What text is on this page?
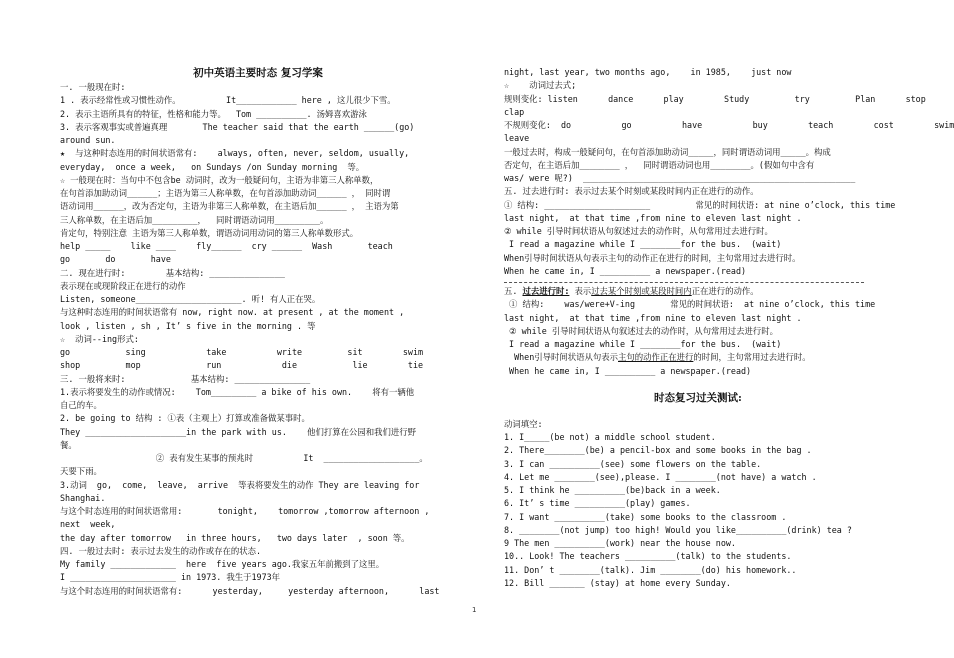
初中英语主要时态 复习学案
一. 一般现在时:
1 . 表示经常性或习惯性动作。         It____________ here , 这儿很少下雪。
2. 表示主语所具有的特征，性格和能力等。  Tom __________. 汤姆喜欢游泳
3. 表示客观事实或普遍真理       The teacher said that the earth ______(go)
around sun.
★  与这种时态连用的时间状语常有:    always, often, never, seldom, usually,
everyday,  once a week,   on Sundays /on Sunday morning  等。
☆ 一般现在时：当句中不包含be 动词时，改为一般疑问句，主语为非第三人称单数，
在句首添加助动词______；主语为第三人称单数，在句首添加助动词______ ， 同时谓
语动词用______，改为否定句，主语为非第三人称单数，在主语后加______ ， 主语为第
三人称单数，在主语后加_________，  同时谓语动词用_________。
肯定句，特别注意 主语为第三人称单数，谓语动词用动词的第三人称单数形式。
help _____    like ____    fly______  cry ______  Wash       teach
go       do       have
二. 现在进行时:        基本结构: _______________
表示现在或现阶段正在进行的动作
Listen, someone_____________________. 听! 有人正在哭。
与这种时态连用的时间状语常有 now, right now. at present , at the moment ,
look , listen , sh , It’ s five in the morning . 等
☆  动词--ing形式:
go           sing            take          write         sit        swim
shop         mop             run            die           lie        tie
三. 一般将来时:             基本结构: _______________
1.表示将要发生的动作或情况:    Tom_________ a bike of his own.    将有一辆他
自己的车。
2. be going to 结构 : ①表（主观上）打算或准备做某事时。
They ____________________in the park with us.    他们打算在公园和我们进行野
餐。
② 表有发生某事的预兆时          It  ___________________。
天要下雨。
3.动词  go,  come,  leave,  arrive  等表将要发生的动作 They are leaving for
Shanghai.
与这个时态连用的时间状语常用:       tonight,    tomorrow ,tomorrow afternoon ,
next  week,
the day after tomorrow   in three hours,   two days later  , soon 等。
四. 一般过去时: 表示过去发生的动作或存在的状态.
My family _____________  here  five years ago.我家五年前搬到了这里。
I _____________________ in 1973. 我生于1973年
与这个时态连用的时间状语常有:      yesterday,     yesterday afternoon,      last
night, last year, two months ago,    in 1985,    just now
☆    动词过去式;
规则变化: listen      dance      play        Study         try         Plan      stop
clap
不规则变化:  do          go          have          buy        teach        cost        swim
leave
一般过去时，构成一般疑问句，在句首添加助动词_____，同时谓语动词用_____。构成
否定句，在主语后加________ ，  同时谓语动词也用________。(假如句中含有
was/ were 呢?)  ______________________________________________________
五. 过去进行时: 表示过去某个时刻或某段时间内正在进行的动作。
① 结构: _____________________         常见的时间状语: at nine o’clock, this time
last night,  at that time ,from nine to eleven last night .
② while 引导时间状语从句叙述过去的动作时，从句常用过去进行时。
I read a magazine while I ________for the bus.  (wait)
When引导时间状语从句表示主句的动作正在进行的时间，主句常用过去进行时。
When he came in, I __________ a newspaper.(read)
五. 过去进行时: 表示过去某个时刻或某段时间内正在进行的动作。
① 结构:    was/were+V-ing       常见的时间状语:  at nine o’clock, this time
last night,  at that time ,from nine to eleven last night .
② while 引导时间状语从句叙述过去的动作时，从句常用过去进行时。
I read a magazine while I ________for the bus.  (wait)
When引导时间状语从句表示主句的动作正在进行的时间，主句常用过去进行时。
When he came in, I __________ a newspaper.(read)
时态复习过关测试:
动词填空:
1. I_____(be not) a middle school student.
2. There________(be) a pencil-box and some books in the bag .
3. I can __________(see) some flowers on the table.
4. Let me ________(see),please. I ________(not have) a watch .
5. I think he __________(be)back in a week.
6. It’ s time __________(play) games.
7. I want __________(take) some books to the classroom .
8. ________(not jump) too high! Would you like__________(drink) tea ?
9 The men __________(work) near the house now.
10.. Look! The teachers __________(talk) to the students.
11. Don’ t ________(talk). Jim ________(do) his homework..
12. Bill _______ (stay) at home every Sunday.
1
